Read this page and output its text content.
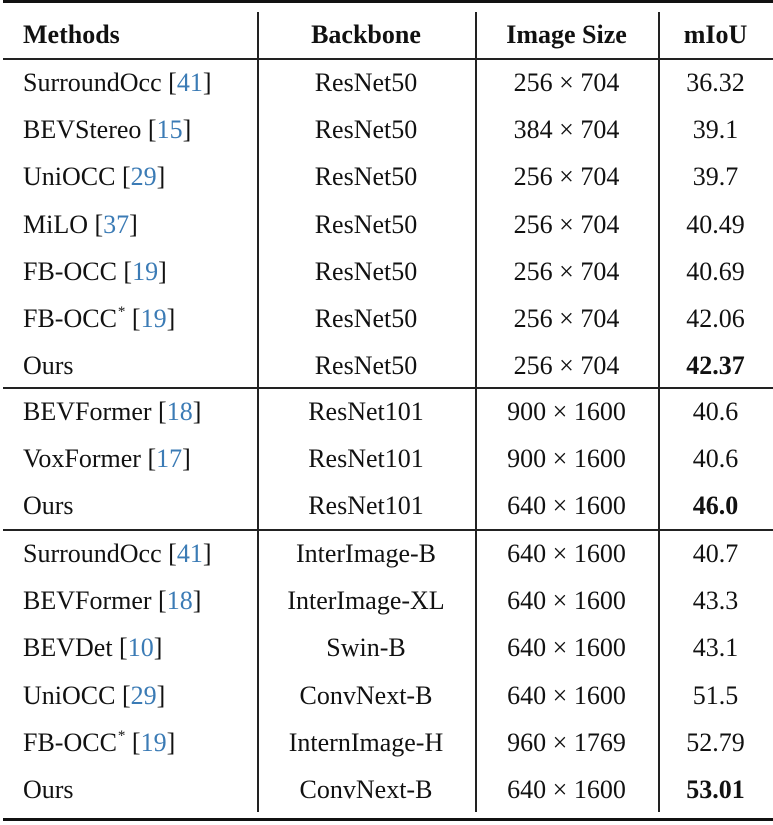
Methods	Backbone	Image Size	mIoU
SurroundOcc [41]	ResNet50	256 × 704	36.32
BEVStereo [15]	ResNet50	384 × 704	39.1
UniOCC [29]	ResNet50	256 × 704	39.7
MiLO [37]	ResNet50	256 × 704	40.49
FB-OCC [19]	ResNet50	256 × 704	40.69
FB-OCC* [19]	ResNet50	256 × 704	42.06
Ours	ResNet50	256 × 704	42.37
BEVFormer [18]	ResNet101	900 × 1600	40.6
VoxFormer [17]	ResNet101	900 × 1600	40.6
Ours	ResNet101	640 × 1600	46.0
SurroundOcc [41]	InterImage-B	640 × 1600	40.7
BEVFormer [18]	InterImage-XL	640 × 1600	43.3
BEVDet [10]	Swin-B	640 × 1600	43.1
UniOCC [29]	ConvNext-B	640 × 1600	51.5
FB-OCC* [19]	InternImage-H	960 × 1769	52.79
Ours	ConvNext-B	640 × 1600	53.01
